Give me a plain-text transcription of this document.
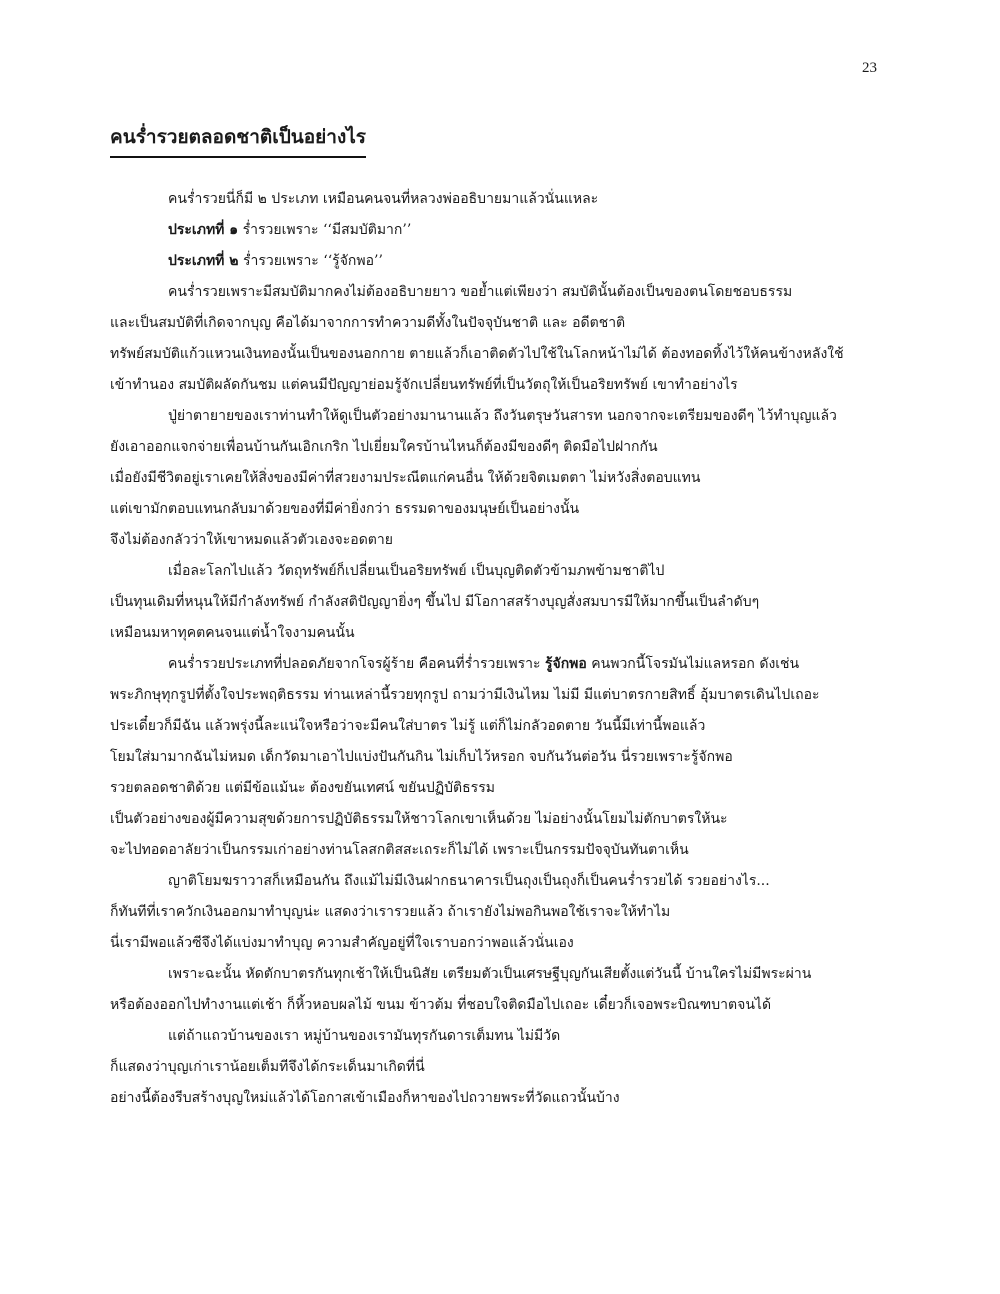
23
คนร่ำรวยตลอดชาติเป็นอย่างไร
คนร่ำรวยนี่ก็มี ๒ ประเภท เหมือนคนจนที่หลวงพ่ออธิบายมาแล้วนั่นแหละ
ประเภทที่ ๑ ร่ำรวยเพราะ ‘‘มีสมบัติมาก’’
ประเภทที่ ๒ ร่ำรวยเพราะ ‘‘รู้จักพอ’’
คนร่ำรวยเพราะมีสมบัติมากคงไม่ต้องอธิบายยาว ขอย้ำแต่เพียงว่า สมบัตินั้นต้องเป็นของตนโดยชอบธรรม
และเป็นสมบัติที่เกิดจากบุญ คือได้มาจากการทำความดีทั้งในปัจจุบันชาติ และ อดีตชาติ
ทรัพย์สมบัติแก้วแหวนเงินทองนั้นเป็นของนอกกาย ตายแล้วก็เอาติดตัวไปใช้ในโลกหน้าไม่ได้ ต้องทอดทิ้งไว้ให้คนข้างหลังใช้
เข้าทำนอง สมบัติผลัดกันชม แต่คนมีปัญญาย่อมรู้จักเปลี่ยนทรัพย์ที่เป็นวัตถุให้เป็นอริยทรัพย์ เขาทำอย่างไร
ปู่ย่าตายายของเราท่านทำให้ดูเป็นตัวอย่างมานานแล้ว ถึงวันตรุษวันสารท นอกจากจะเตรียมของดีๆ ไว้ทำบุญแล้ว
ยังเอาออกแจกจ่ายเพื่อนบ้านกันเอิกเกริก ไปเยี่ยมใครบ้านไหนก็ต้องมีของดีๆ ติดมือไปฝากกัน
เมื่อยังมีชีวิตอยู่เราเคยให้สิ่งของมีค่าที่สวยงามประณีตแก่คนอื่น ให้ด้วยจิตเมตตา ไม่หวังสิ่งตอบแทน
แต่เขามักตอบแทนกลับมาด้วยของที่มีค่ายิ่งกว่า ธรรมดาของมนุษย์เป็นอย่างนั้น
จึงไม่ต้องกลัวว่าให้เขาหมดแล้วตัวเองจะอดตาย
เมื่อละโลกไปแล้ว วัตถุทรัพย์ก็เปลี่ยนเป็นอริยทรัพย์ เป็นบุญติดตัวข้ามภพข้ามชาติไป
เป็นทุนเดิมที่หนุนให้มีกำลังทรัพย์ กำลังสติปัญญายิ่งๆ ขึ้นไป มีโอกาสสร้างบุญสั่งสมบารมีให้มากขึ้นเป็นลำดับๆ
เหมือนมหาทุคตคนจนแต่น้ำใจงามคนนั้น
คนร่ำรวยประเภทที่ปลอดภัยจากโจรผู้ร้าย คือคนที่ร่ำรวยเพราะ รู้จักพอ คนพวกนี้โจรมันไม่แลหรอก ดังเช่น
พระภิกษุทุกรูปที่ตั้งใจประพฤติธรรม ท่านเหล่านี้รวยทุกรูป ถามว่ามีเงินไหม ไม่มี มีแต่บาตรกายสิทธิ์ อุ้มบาตรเดินไปเถอะ
ประเดี๋ยวก็มีฉัน แล้วพรุ่งนี้ละแน่ใจหรือว่าจะมีคนใส่บาตร ไม่รู้ แต่ก็ไม่กลัวอดตาย วันนี้มีเท่านี้พอแล้ว
โยมใส่มามากฉันไม่หมด เด็กวัดมาเอาไปแบ่งปันกันกิน ไม่เก็บไว้หรอก จบกันวันต่อวัน นี่รวยเพราะรู้จักพอ
รวยตลอดชาติด้วย แต่มีข้อแม้นะ ต้องขยันเทศน์ ขยันปฏิบัติธรรม
เป็นตัวอย่างของผู้มีความสุขด้วยการปฏิบัติธรรมให้ชาวโลกเขาเห็นด้วย ไม่อย่างนั้นโยมไม่ตักบาตรให้นะ
จะไปทอดอาลัยว่าเป็นกรรมเก่าอย่างท่านโลสกติสสะเถระก็ไม่ได้ เพราะเป็นกรรมปัจจุบันทันตาเห็น
ญาติโยมฆราวาสก็เหมือนกัน ถึงแม้ไม่มีเงินฝากธนาคารเป็นถุงเป็นถุงก็เป็นคนร่ำรวยได้ รวยอย่างไร...
ก็ทันทีที่เราควักเงินออกมาทำบุญน่ะ แสดงว่าเรารวยแล้ว ถ้าเรายังไม่พอกินพอใช้เราจะให้ทำไม
นี่เรามีพอแล้วซีจึงได้แบ่งมาทำบุญ ความสำคัญอยู่ที่ใจเราบอกว่าพอแล้วนั่นเอง
เพราะฉะนั้น หัดตักบาตรกันทุกเช้าให้เป็นนิสัย เตรียมตัวเป็นเศรษฐีบุญกันเสียตั้งแต่วันนี้ บ้านใครไม่มีพระผ่าน
หรือต้องออกไปทำงานแต่เช้า ก็หิ้วหอบผลไม้ ขนม ข้าวต้ม ที่ชอบใจติดมือไปเถอะ เดี๋ยวก็เจอพระบิณฑบาตจนได้
แต่ถ้าแถวบ้านของเรา หมู่บ้านของเรามันทุรกันดารเต็มทน ไม่มีวัด
ก็แสดงว่าบุญเก่าเราน้อยเต็มทีจึงได้กระเด็นมาเกิดที่นี่
อย่างนี้ต้องรีบสร้างบุญใหม่แล้วได้โอกาสเข้าเมืองก็หาของไปถวายพระที่วัดแถวนั้นบ้าง
